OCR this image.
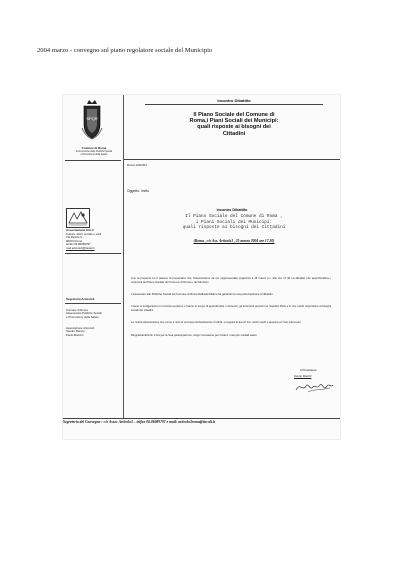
2004 marzo - convegno sul piano regolatore sociale del Municipio
SPQR
Comune di Roma
Commissione delle Politiche Sociali
e Promozione della Salute
Associazione Arti.3
Cultura, diritti, sociale e civili
Via Dipinte 9 -
00100 Roma
tel/fax 06 86089797
mail articolo3@tiscali.it
Segreteria Articolo3
Comune di Roma
Assessorato Politiche Sociali
e Promozione della Salute
Associazione Articolo3
Sandro Marotti
Paolo Mazzini
Incontro Dibattito
Il Piano Sociale del Comune di
Roma,i Piani Sociali dei Municipi:
quali risposte ai bisogni dei
Cittadini
Roma 10/03/04
Oggetto: Invito
Incontro Dibattito
Il Piano Sociale del Comune di Roma ,
i Piani Sociali dei Municipi:
quali risposte ai bisogni dei Cittadini
(Roma , c/o Ass. Articolo3 , 25 marzo 2004 ore 17.30)
Con la presente ho il piacere di presentarvi che l'Associazione da me rappresentata organizza il 25 marzo p.v. alle ore 17.30 un dibattito che approfondisce i contenuti del Piano Sociale del Comune di Roma e dei Municipi.
L'Assessore alle Politiche Sociali del Comune di Roma Raffaela Milano ha garantito la sua partecipazione al dibattito.
I lavori si svolgeranno in un'unica sessione e hanno lo scopo di approfondire i contenuti, gli strumenti previsti nei rispettivi Piani e in che modo rispondono ai bisogni sociali dei cittadini.
La nostra Associazione che come è noto si occupa prioritariamente di diritti, si augura di avervi tra i nostri ospiti e auspica un Suo intervento.
Ringraziandola fin d'ora per la Sua partecipazione, colgo l'occasione per inviarvi i miei più cordiali saluti.
Il Presidente
Sergio Marotti
Segreteria del Convegno : c/o Assoc Articolo3 – telfax 06.86089797 e mail: articolo3roma@tiscali.it
